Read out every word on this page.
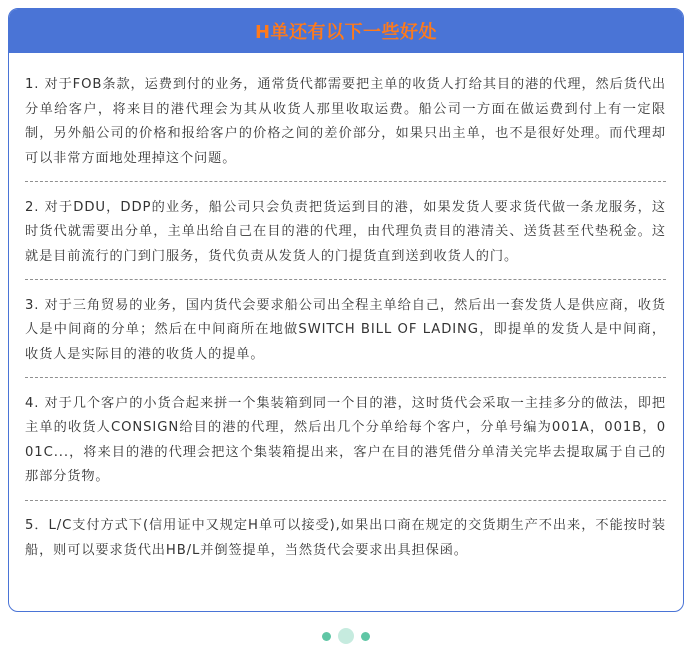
H单还有以下一些好处

1. 对于FOB条款，运费到付的业务，通常货代都需要把主单的收货人打给其目的港的代理，然后货代出分单给客户，将来目的港代理会为其从收货人那里收取运费。船公司一方面在做运费到付上有一定限制，另外船公司的价格和报给客户的价格之间的差价部分，如果只出主单，也不是很好处理。而代理却可以非常方面地处理掉这个问题。

2. 对于DDU，DDP的业务，船公司只会负责把货运到目的港，如果发货人要求货代做一条龙服务，这时货代就需要出分单，主单出给自己在目的港的代理，由代理负责目的港清关、送货甚至代垫税金。这就是目前流行的门到门服务，货代负责从发货人的门提货直到送到收货人的门。

3. 对于三角贸易的业务，国内货代会要求船公司出全程主单给自己，然后出一套发货人是供应商，收货人是中间商的分单；然后在中间商所在地做SWITCH BILL OF LADING，即提单的发货人是中间商，收货人是实际目的港的收货人的提单。

4. 对于几个客户的小货合起来拼一个集装箱到同一个目的港，这时货代会采取一主挂多分的做法，即把主单的收货人CONSIGN给目的港的代理，然后出几个分单给每个客户，分单号编为001A，001B，001C...，将来目的港的代理会把这个集装箱提出来，客户在目的港凭借分单清关完毕去提取属于自己的那部分货物。

5．L/C支付方式下(信用证中又规定H单可以接受),如果出口商在规定的交货期生产不出来，不能按时装船，则可以要求货代出HB/L并倒签提单，当然货代会要求出具担保函。
